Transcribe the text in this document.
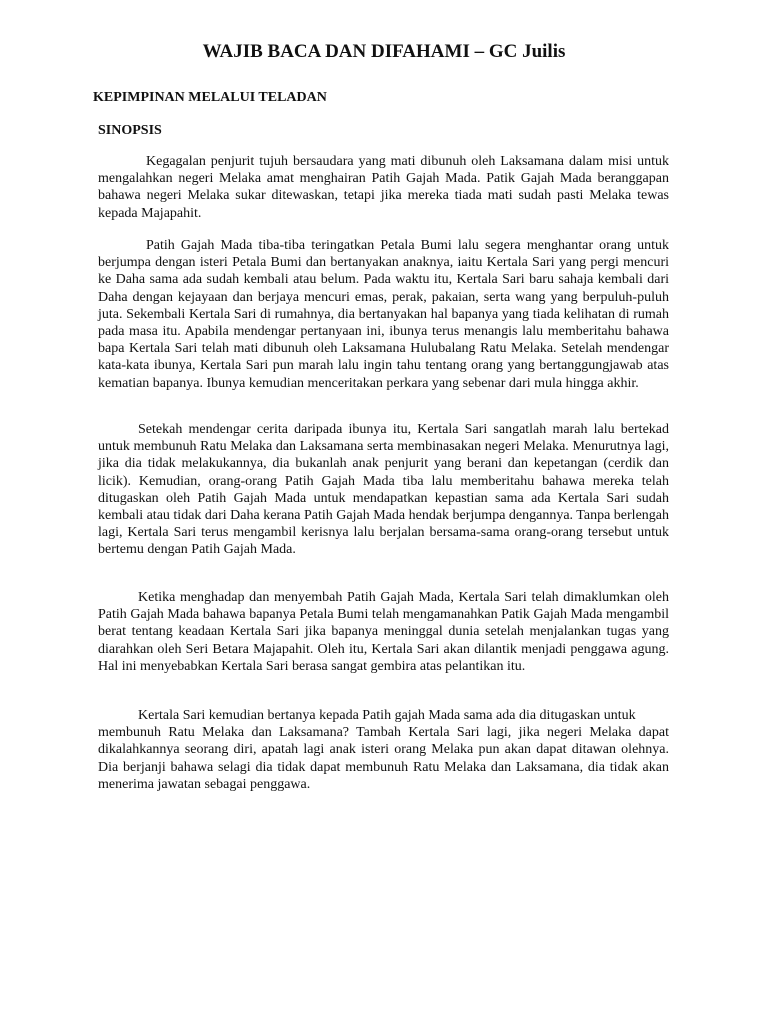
WAJIB BACA DAN DIFAHAMI – GC Juilis
KEPIMPINAN MELALUI TELADAN
SINOPSIS

Kegagalan penjurit tujuh bersaudara yang mati dibunuh oleh Laksamana dalam misi untuk mengalahkan negeri Melaka amat menghairan Patih Gajah Mada. Patik Gajah Mada beranggapan bahawa negeri Melaka sukar ditewaskan, tetapi jika mereka tiada mati sudah pasti Melaka tewas kepada Majapahit.

Patih Gajah Mada tiba-tiba teringatkan Petala Bumi lalu segera menghantar orang untuk berjumpa dengan isteri Petala Bumi dan bertanyakan anaknya, iaitu Kertala Sari yang pergi mencuri ke Daha sama ada sudah kembali atau belum. Pada waktu itu, Kertala Sari baru sahaja kembali dari Daha dengan kejayaan dan berjaya mencuri emas, perak, pakaian, serta wang yang berpuluh-puluh juta. Sekembali Kertala Sari di rumahnya, dia bertanyakan hal bapanya yang tiada kelihatan di rumah pada masa itu. Apabila mendengar pertanyaan ini, ibunya terus menangis lalu memberitahu bahawa bapa Kertala Sari telah mati dibunuh oleh Laksamana Hulubalang Ratu Melaka. Setelah mendengar kata-kata ibunya, Kertala Sari pun marah lalu ingin tahu tentang orang yang bertanggungjawab atas kematian bapanya. Ibunya kemudian menceritakan perkara yang sebenar dari mula hingga akhir.

Setekah mendengar cerita daripada ibunya itu, Kertala Sari sangatlah marah lalu bertekad untuk membunuh Ratu Melaka dan Laksamana serta membinasakan negeri Melaka. Menurutnya lagi, jika dia tidak melakukannya, dia bukanlah anak penjurit yang berani dan kepetangan (cerdik dan licik). Kemudian, orang-orang Patih Gajah Mada tiba lalu memberitahu bahawa mereka telah ditugaskan oleh Patih Gajah Mada untuk mendapatkan kepastian sama ada Kertala Sari sudah kembali atau tidak dari Daha kerana Patih Gajah Mada hendak berjumpa dengannya. Tanpa berlengah lagi, Kertala Sari terus mengambil kerisnya lalu berjalan bersama-sama orang-orang tersebut untuk bertemu dengan Patih Gajah Mada.

Ketika menghadap dan menyembah Patih Gajah Mada, Kertala Sari telah dimaklumkan oleh Patih Gajah Mada bahawa bapanya Petala Bumi telah mengamanahkan Patik Gajah Mada mengambil berat tentang keadaan Kertala Sari jika bapanya meninggal dunia setelah menjalankan tugas yang diarahkan oleh Seri Betara Majapahit. Oleh itu, Kertala Sari akan dilantik menjadi penggawa agung. Hal ini menyebabkan Kertala Sari berasa sangat gembira atas pelantikan itu.

Kertala Sari kemudian bertanya kepada Patih gajah Mada sama ada dia ditugaskan untuk
membunuh Ratu Melaka dan Laksamana? Tambah Kertala Sari lagi, jika negeri Melaka dapat dikalahkannya seorang diri, apatah lagi anak isteri orang Melaka pun akan dapat ditawan olehnya. Dia berjanji bahawa selagi dia tidak dapat membunuh Ratu Melaka dan Laksamana, dia tidak akan menerima jawatan sebagai penggawa.
